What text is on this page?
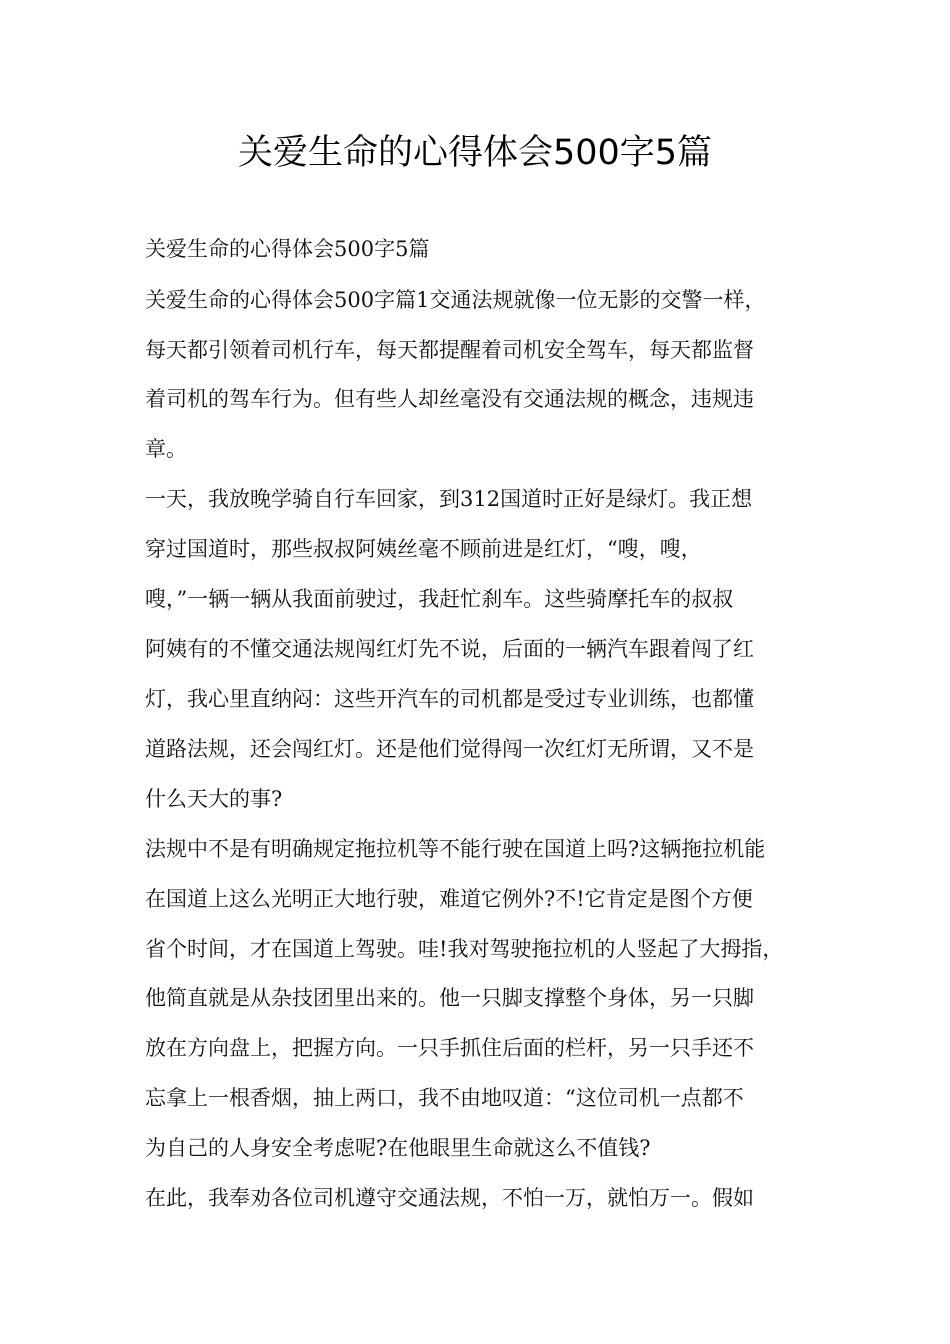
关爱生命的心得体会500字5篇

关爱生命的心得体会500字5篇

关爱生命的心得体会500字篇1交通法规就像一位无影的交警一样，

每天都引领着司机行车，每天都提醒着司机安全驾车，每天都监督

着司机的驾车行为。但有些人却丝毫没有交通法规的概念，违规违

章。

一天，我放晚学骑自行车回家，到312国道时正好是绿灯。我正想

穿过国道时，那些叔叔阿姨丝毫不顾前进是红灯，“嗖，嗖，

嗖，”一辆一辆从我面前驶过，我赶忙刹车。这些骑摩托车的叔叔

阿姨有的不懂交通法规闯红灯先不说，后面的一辆汽车跟着闯了红

灯，我心里直纳闷：这些开汽车的司机都是受过专业训练，也都懂

道路法规，还会闯红灯。还是他们觉得闯一次红灯无所谓，又不是

什么天大的事?

法规中不是有明确规定拖拉机等不能行驶在国道上吗?这辆拖拉机能

在国道上这么光明正大地行驶，难道它例外?不!它肯定是图个方便

省个时间，才在国道上驾驶。哇!我对驾驶拖拉机的人竖起了大拇指，

他简直就是从杂技团里出来的。他一只脚支撑整个身体，另一只脚

放在方向盘上，把握方向。一只手抓住后面的栏杆，另一只手还不

忘拿上一根香烟，抽上两口，我不由地叹道：“这位司机一点都不

为自己的人身安全考虑呢?在他眼里生命就这么不值钱?

在此，我奉劝各位司机遵守交通法规，不怕一万，就怕万一。假如
